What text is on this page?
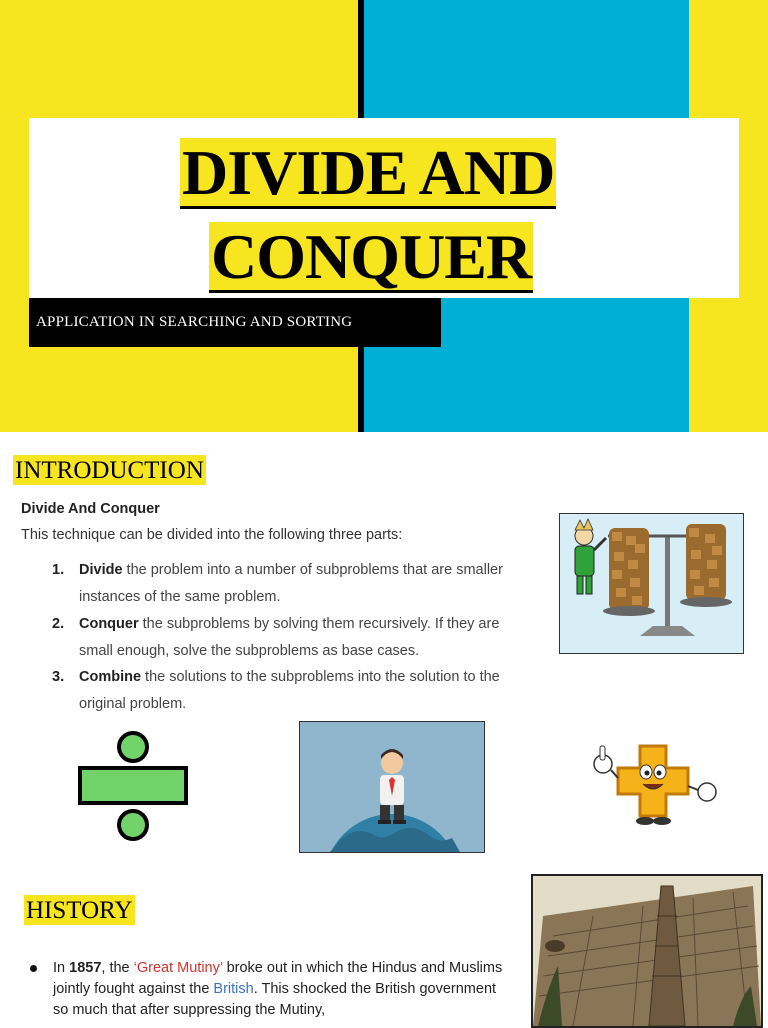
DIVIDE AND
CONQUER
APPLICATION IN SEARCHING AND SORTING
INTRODUCTION
Divide And Conquer
This technique can be divided into the following three parts:
1. Divide the problem into a number of subproblems that are smaller instances of the same problem.
2. Conquer the subproblems by solving them recursively. If they are small enough, solve the subproblems as base cases.
3. Combine the solutions to the subproblems into the solution to the original problem.
HISTORY
In 1857, the ‘Great Mutiny’ broke out in which the Hindus and Muslims jointly fought against the British. This shocked the British government so much that after suppressing the Mutiny,
